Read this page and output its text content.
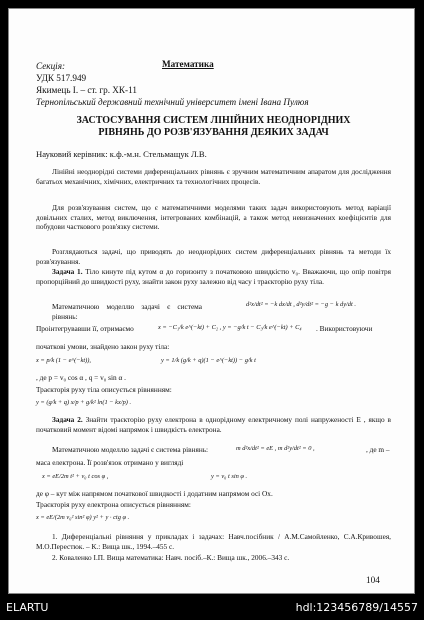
Секція:	Математика
УДК 517.949
Якимець І. – ст. гр. ХК-11
Тернопільський державний технічний університет імені Івана Пулюя
ЗАСТОСУВАННЯ СИСТЕМ ЛІНІЙНИХ НЕОДНОРІДНИХ
РІВНЯНЬ ДО РОЗВ'ЯЗУВАННЯ ДЕЯКИХ ЗАДАЧ
Науковий керівник: к.ф.-м.н. Стельмащук Л.В.
Лінійні неоднорідні системи диференціальних рівнянь є зручним математичним апаратом для дослідження багатьох механічних, хімічних, електричних та технологічних процесів.
Для розв'язування систем, що є математичними моделями таких задач використовують метод варіації довільних сталих, метод виключення, інтегрованих комбінацій, а також метод невизначених коефіцієнтів для побудови часткового розв'язку системи.
Розглядаються задачі, що приводять до неоднорідних систем диференціальних рівнянь та методи їх розв'язування.
Задача 1. Тіло кинуте під кутом α до горизонту з початковою швидкістю v₀. Вважаючи, що опір повітря пропорційний до швидкості руху, знайти закон руху залежно від часу і траєкторію руху тіла.
Математичною моделлю задачі є система рівнянь:
d²x/dt² = −k dx/dt , d²y/dt² = −g − k dy/dt .
Проінтегрувавши її, отримаємо	x = −C₁/k e^(−kt) + C₂ , y = −g/k t − C₃/k e^(−kt) + C₄ . Використовуючи
початкові умови, знайдено закон руху тіла:
x = p/k (1 − e^(−kt)),	y = 1/k (g/k + q)(1 − e^(−kt)) − g/k t
, де p = v₀ cos α , q = v₀ sin α .
Траєкторія руху тіла описується рівнянням:
y = (g/k + q) x/p + g/k² ln(1 − kx/p) .
Задача 2. Знайти траєкторію руху електрона в однорідному електричному полі напруженості E , якщо в початковий момент відомі напрямок і швидкість електрона.
Математичною моделлю задачі є система рівнянь:	m d²x/dt² = eE , m d²y/dt² = 0 ,	, де m –
маса електрона. Її розв'язок отримано у вигляді
x = eE/2m t² + v₀ t cos φ ,	y = v₀ t sin φ .
де φ – кут між напрямом початкової швидкості і додатним напрямом осі Ox.
Траєкторія руху електрона описується рівнянням:
x = eE/(2m v₀² sin² φ) y² + y · ctg φ .
1. Диференціальні рівняння у прикладах і задачах: Навч.посібник / А.М.Самойленко, С.А.Кривошея, М.О.Перестюк. – К.: Вища шк., 1994.–455 с.
2. Коваленко І.П. Вища математика: Навч. посіб.–К.: Вища шк., 2006.–343 с.
104
ELARTU	hdl:123456789/14557
